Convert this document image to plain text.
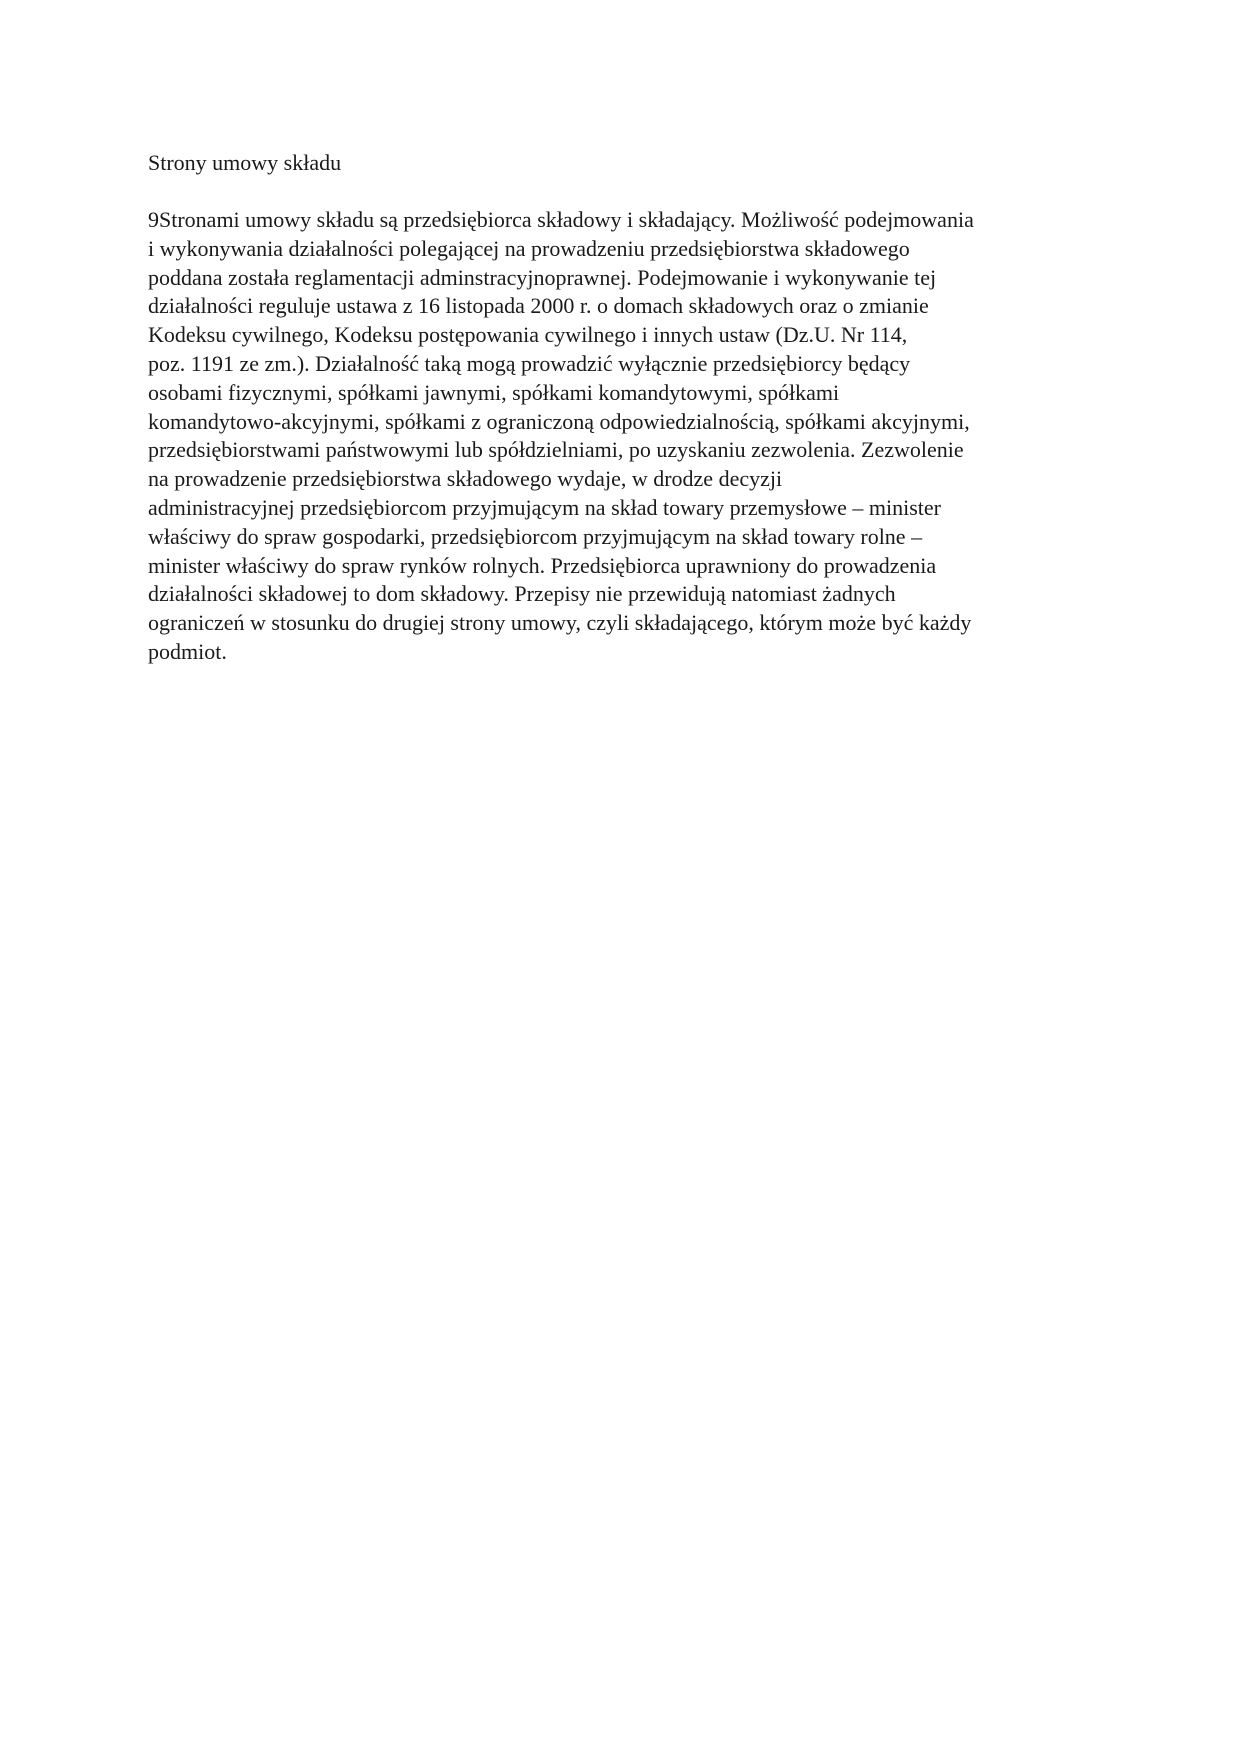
Strony umowy składu

9Stronami umowy składu są przedsiębiorca składowy i składający. Możliwość podejmowania
i wykonywania działalności polegającej na prowadzeniu przedsiębiorstwa składowego
poddana została reglamentacji adminstracyjnoprawnej. Podejmowanie i wykonywanie tej
działalności reguluje ustawa z 16 listopada 2000 r. o domach składowych oraz o zmianie
Kodeksu cywilnego, Kodeksu postępowania cywilnego i innych ustaw (Dz.U. Nr 114,
poz. 1191 ze zm.). Działalność taką mogą prowadzić wyłącznie przedsiębiorcy będący
osobami fizycznymi, spółkami jawnymi, spółkami komandytowymi, spółkami
komandytowo-akcyjnymi, spółkami z ograniczoną odpowiedzialnością, spółkami akcyjnymi,
przedsiębiorstwami państwowymi lub spółdzielniami, po uzyskaniu zezwolenia. Zezwolenie
na prowadzenie przedsiębiorstwa składowego wydaje, w drodze decyzji
administracyjnej przedsiębiorcom przyjmującym na skład towary przemysłowe – minister
właściwy do spraw gospodarki, przedsiębiorcom przyjmującym na skład towary rolne –
minister właściwy do spraw rynków rolnych. Przedsiębiorca uprawniony do prowadzenia
działalności składowej to dom składowy. Przepisy nie przewidują natomiast żadnych
ograniczeń w stosunku do drugiej strony umowy, czyli składającego, którym może być każdy
podmiot.
